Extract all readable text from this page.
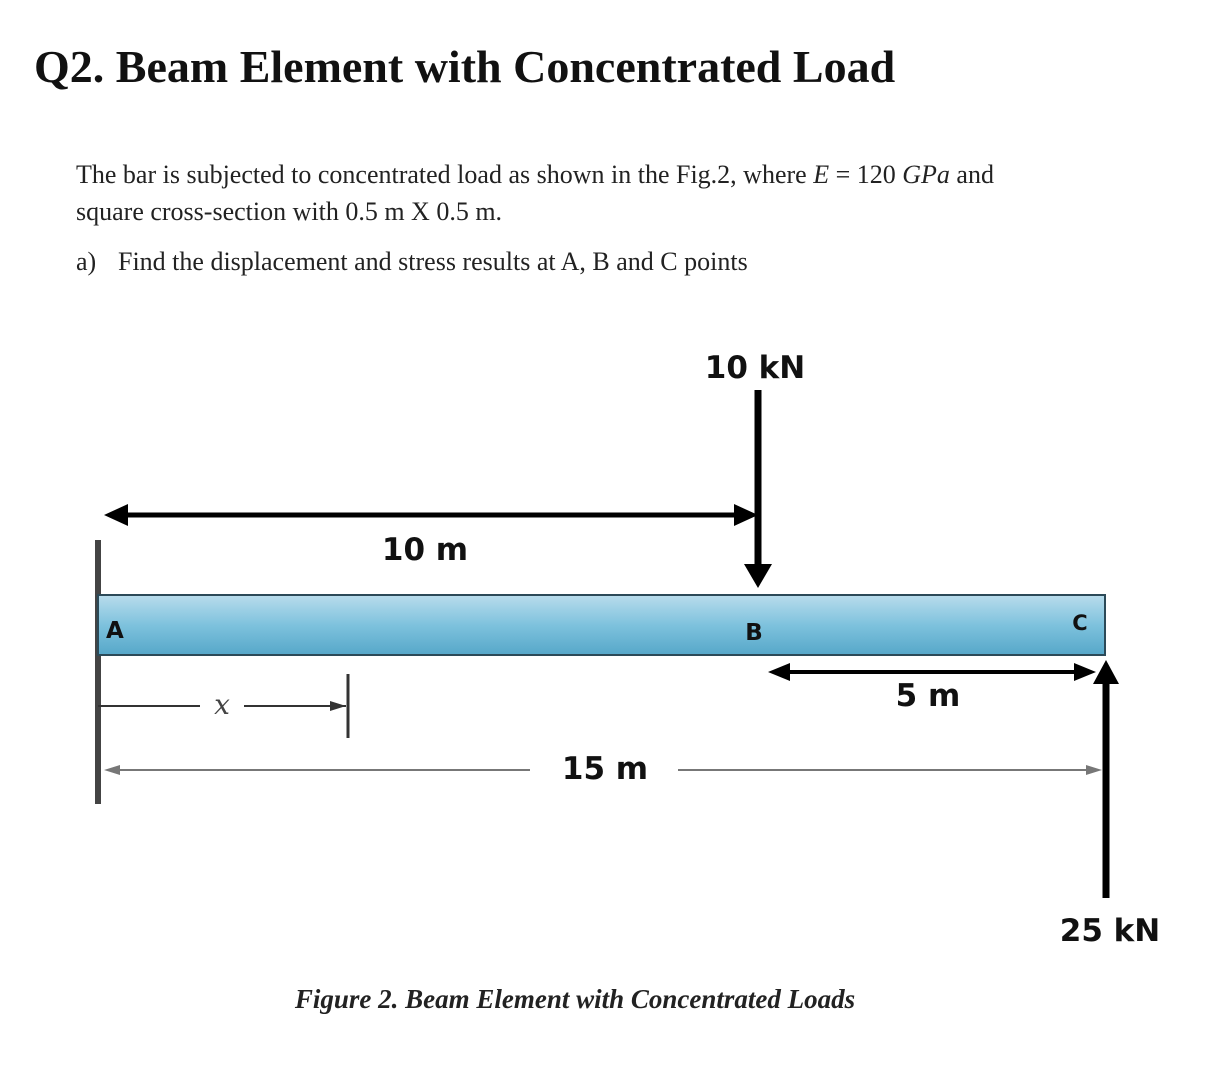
Q2. Beam Element with Concentrated Load

The bar is subjected to concentrated load as shown in the Fig.2, where E = 120 GPa and
square cross-section with 0.5 m X 0.5 m.

a) Find the displacement and stress results at A, B and C points

10 m
10 kN
A	B	C
5 m
25 kN
x
15 m

Figure 2. Beam Element with Concentrated Loads
